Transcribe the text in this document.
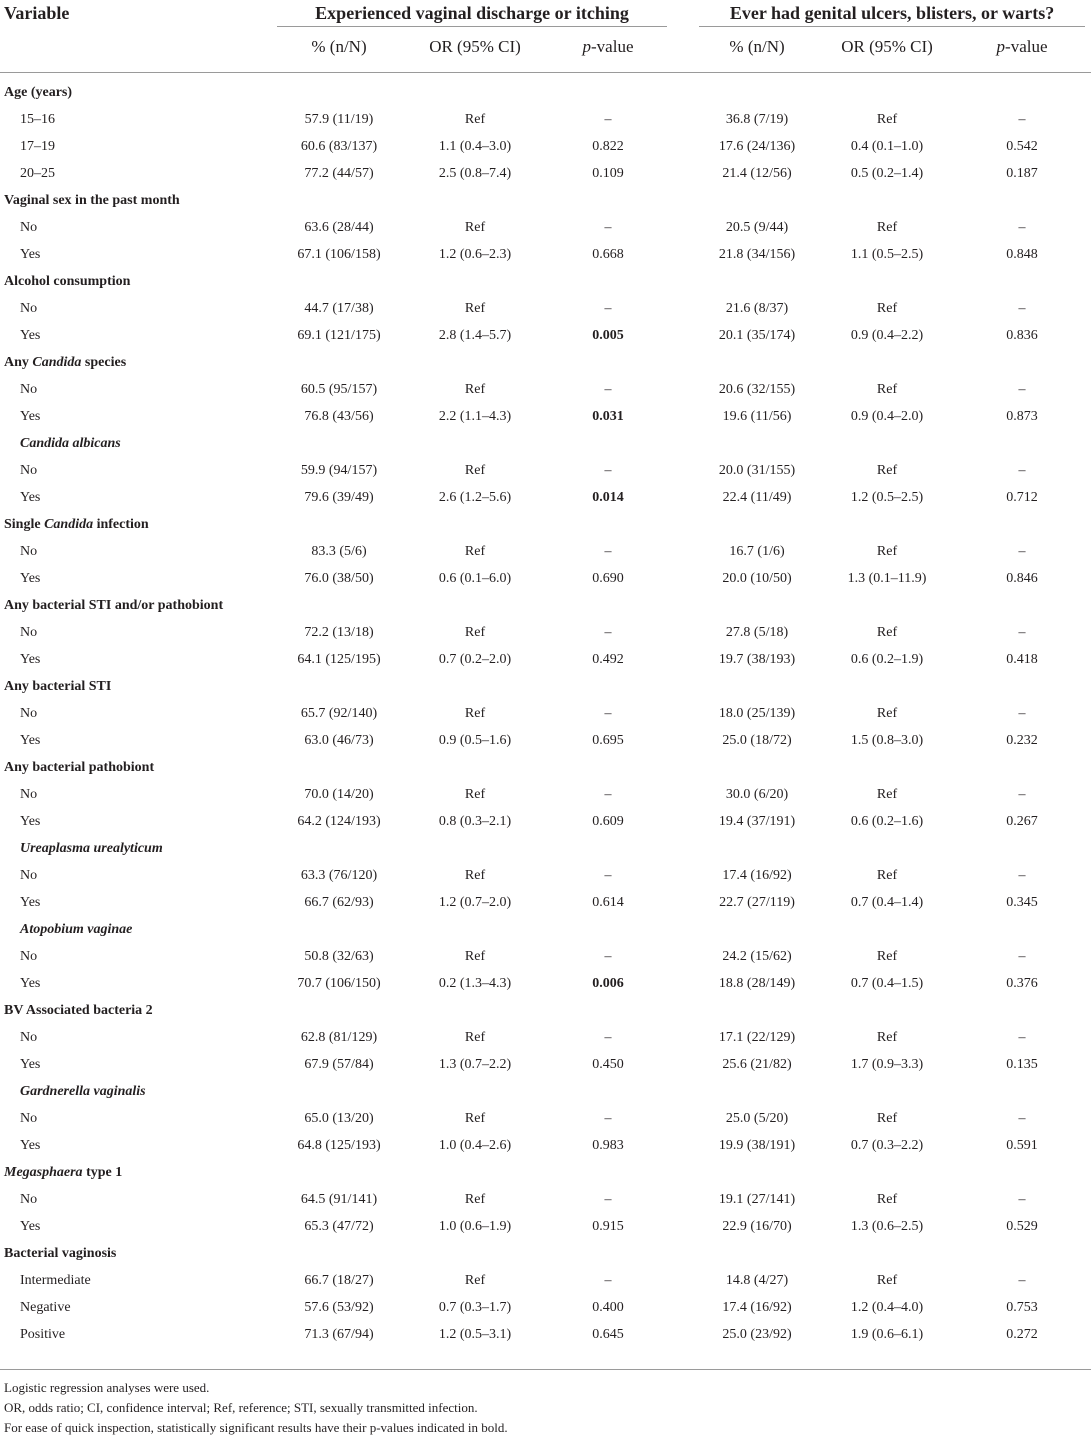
Variable	Experienced vaginal discharge or itching				Ever had genital ulcers, blisters, or warts?		

	% (n/N)	OR (95% CI)	p-value		% (n/N)	OR (95% CI)	p-value
Age (years)							
15–16	57.9 (11/19)	Ref	–		36.8 (7/19)	Ref	–
17–19	60.6 (83/137)	1.1 (0.4–3.0)	0.822		17.6 (24/136)	0.4 (0.1–1.0)	0.542
20–25	77.2 (44/57)	2.5 (0.8–7.4)	0.109		21.4 (12/56)	0.5 (0.2–1.4)	0.187
Vaginal sex in the past month							
No	63.6 (28/44)	Ref	–		20.5 (9/44)	Ref	–
Yes	67.1 (106/158)	1.2 (0.6–2.3)	0.668		21.8 (34/156)	1.1 (0.5–2.5)	0.848
Alcohol consumption							
No	44.7 (17/38)	Ref	–		21.6 (8/37)	Ref	–
Yes	69.1 (121/175)	2.8 (1.4–5.7)	0.005		20.1 (35/174)	0.9 (0.4–2.2)	0.836
Any Candida species							
No	60.5 (95/157)	Ref	–		20.6 (32/155)	Ref	–
Yes	76.8 (43/56)	2.2 (1.1–4.3)	0.031		19.6 (11/56)	0.9 (0.4–2.0)	0.873
Candida albicans							
No	59.9 (94/157)	Ref	–		20.0 (31/155)	Ref	–
Yes	79.6 (39/49)	2.6 (1.2–5.6)	0.014		22.4 (11/49)	1.2 (0.5–2.5)	0.712
Single Candida infection							
No	83.3 (5/6)	Ref	–		16.7 (1/6)	Ref	–
Yes	76.0 (38/50)	0.6 (0.1–6.0)	0.690		20.0 (10/50)	1.3 (0.1–11.9)	0.846
Any bacterial STI and/or pathobiont							
No	72.2 (13/18)	Ref	–		27.8 (5/18)	Ref	–
Yes	64.1 (125/195)	0.7 (0.2–2.0)	0.492		19.7 (38/193)	0.6 (0.2–1.9)	0.418
Any bacterial STI							
No	65.7 (92/140)	Ref	–		18.0 (25/139)	Ref	–
Yes	63.0 (46/73)	0.9 (0.5–1.6)	0.695		25.0 (18/72)	1.5 (0.8–3.0)	0.232
Any bacterial pathobiont							
No	70.0 (14/20)	Ref	–		30.0 (6/20)	Ref	–
Yes	64.2 (124/193)	0.8 (0.3–2.1)	0.609		19.4 (37/191)	0.6 (0.2–1.6)	0.267
Ureaplasma urealyticum							
No	63.3 (76/120)	Ref	–		17.4 (16/92)	Ref	–
Yes	66.7 (62/93)	1.2 (0.7–2.0)	0.614		22.7 (27/119)	0.7 (0.4–1.4)	0.345
Atopobium vaginae							
No	50.8 (32/63)	Ref	–		24.2 (15/62)	Ref	–
Yes	70.7 (106/150)	0.2 (1.3–4.3)	0.006		18.8 (28/149)	0.7 (0.4–1.5)	0.376
BV Associated bacteria 2							
No	62.8 (81/129)	Ref	–		17.1 (22/129)	Ref	–
Yes	67.9 (57/84)	1.3 (0.7–2.2)	0.450		25.6 (21/82)	1.7 (0.9–3.3)	0.135
Gardnerella vaginalis							
No	65.0 (13/20)	Ref	–		25.0 (5/20)	Ref	–
Yes	64.8 (125/193)	1.0 (0.4–2.6)	0.983		19.9 (38/191)	0.7 (0.3–2.2)	0.591
Megasphaera type 1							
No	64.5 (91/141)	Ref	–		19.1 (27/141)	Ref	–
Yes	65.3 (47/72)	1.0 (0.6–1.9)	0.915		22.9 (16/70)	1.3 (0.6–2.5)	0.529
Bacterial vaginosis							
Intermediate	66.7 (18/27)	Ref	–		14.8 (4/27)	Ref	–
Negative	57.6 (53/92)	0.7 (0.3–1.7)	0.400		17.4 (16/92)	1.2 (0.4–4.0)	0.753
Positive	71.3 (67/94)	1.2 (0.5–3.1)	0.645		25.0 (23/92)	1.9 (0.6–6.1)	0.272
Logistic regression analyses were used.
OR, odds ratio; CI, confidence interval; Ref, reference; STI, sexually transmitted infection.
For ease of quick inspection, statistically significant results have their p-values indicated in bold.
